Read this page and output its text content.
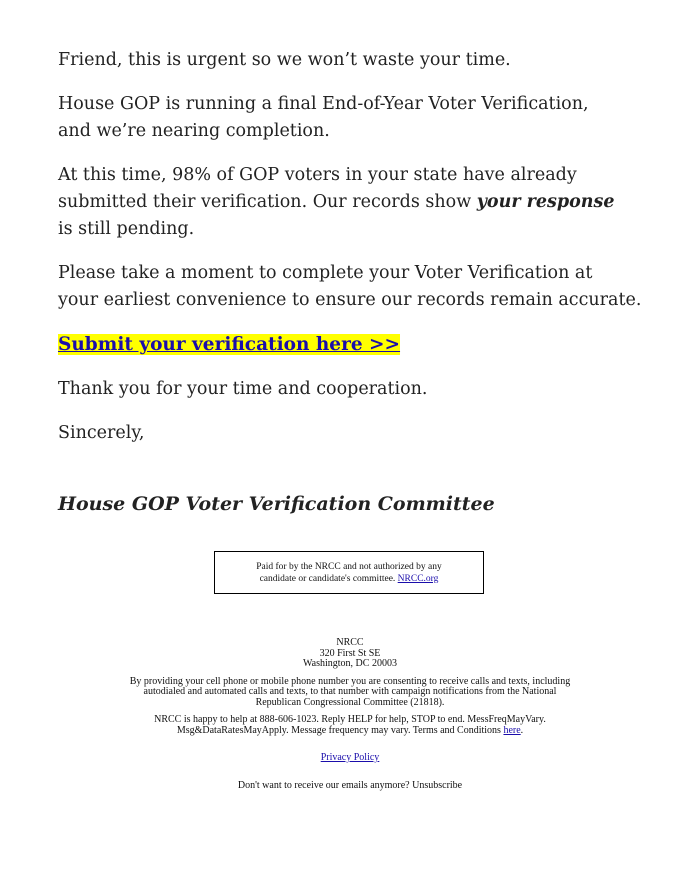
Friend, this is urgent so we won’t waste your time.

House GOP is running a final End-of-Year Voter Verification,
and we’re nearing completion.

At this time, 98% of GOP voters in your state have already
submitted their verification. Our records show your response
is still pending.

Please take a moment to complete your Voter Verification at
your earliest convenience to ensure our records remain accurate.

Submit your verification here >>

Thank you for your time and cooperation.

Sincerely,

House GOP Voter Verification Committee

Paid for by the NRCC and not authorized by any
candidate or candidate's committee. NRCC.org
NRCC
320 First St SE
Washington, DC 20003
By providing your cell phone or mobile phone number you are consenting to receive calls and texts, including
autodialed and automated calls and texts, to that number with campaign notifications from the National
Republican Congressional Committee (21818).
NRCC is happy to help at 888-606-1023. Reply HELP for help, STOP to end. MessFreqMayVary.
Msg&DataRatesMayApply. Message frequency may vary. Terms and Conditions here.
Privacy Policy
Don't want to receive our emails anymore? Unsubscribe
